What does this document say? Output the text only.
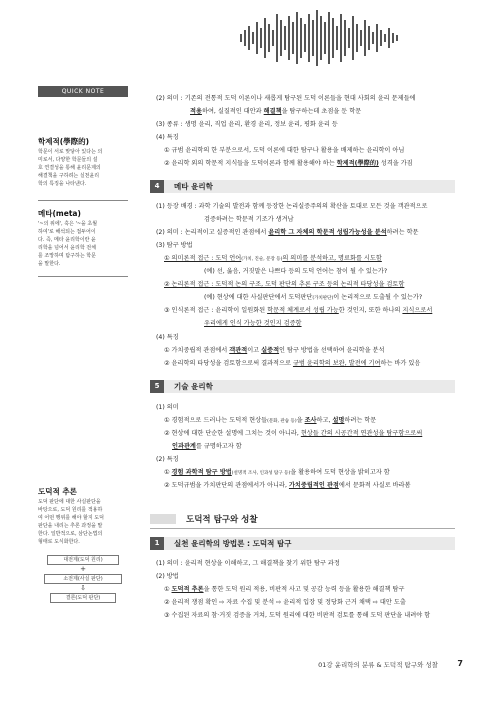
QUICK NOTE
학제적(學際的)
학문이 서로 맞닿아 있다는 의
미로서, 다양한 학문들의 설
호 연결성을 통해 윤리문제의
해결책을 구하려는 실천윤리
학의 특징을 나타낸다.
메타(meta)
'~의 위에', 혹은 '~을 초월
하여'로 해석되는 접두어이
다. 즉, 메타 윤리학이란 윤
리학을 넘어서 윤리학 전체
를 조망하며 탐구하는 학문
을 말한다.
도덕적 추론
도덕 판단에 대한 사실판단을
바탕으로, 도덕 원리를 적용하
여 어떤 행위를 해야 할지 도덕
판단을 내리는 추론 과정을 말
한다. 일반적으로, 삼단논법의
형태로 도식화한다.
대전제(도덕 원리)
+
소전제(사실 판단)
⇩
결론(도덕 판단)
(2) 의미 : 기존의 전통적 도덕 이론이나 새롭게 탐구된 도덕 이론들을 현대 사회의 윤리 문제들에
적용하여, 실질적인 대안과 해결책을 탐구하는데 초점을 둔 학문
(3) 종류 : 생명 윤리, 직업 윤리, 환경 윤리, 정보 윤리, 평화 윤리 등
(4) 특징
① 규범 윤리학의 한 부분으로서, 도덕 이론에 대한 탐구나 활용을 배제하는 윤리학이 아님
② 윤리학 외의 학문적 지식들을 도덕이론과 함께 활용해야 하는 학제적(學際的) 성격을 가짐
4	메타 윤리학
(1) 등장 배경 : 과학 기술의 발전과 함께 등장한 논리실증주의의 확산을 토대로 모든 것을 객관적으로
검증하려는 학문적 기조가 생겨남
(2) 의미 : 논리적이고 실증적인 관점에서 윤리학 그 자체의 학문적 성립가능성을 분석하려는 학문
(3) 탐구 방법
① 의미론적 접근 : 도덕 언어(가치, 진술, 문장 등)의 의미를 분석하고, 명료화를 시도함
(예) 선, 옳음, 거짓말은 나쁘다 등의 도덕 언어는 참이 될 수 있는가?
② 논리론적 접근 : 도덕적 논의 구조, 도덕 판단의 추론 구조 등의 논리적 타당성을 검토함
(예) 현상에 대한 사실판단에서 도덕판단(가치판단)이 논리적으로 도출될 수 있는가?
③ 인식론적 접근 : 윤리학이 일원화된 학문적 체계로서 성립 가능한 것인지, 또한 하나의 지식으로서
우리에게 인식 가능한 것인지 검증함
(4) 특징
① 가치중립적 관점에서 객관적이고 실증적인 탐구 방법을 선택하여 윤리학을 분석
② 윤리학의 타당성을 검토함으로써 결과적으로 규범 윤리학의 보완, 발전에 기여하는 바가 있음
5	기술 윤리학
(1) 의미
① 경험적으로 드러나는 도덕적 현상들(문화, 관습 등)을 조사하고, 설명하려는 학문
② 현상에 대한 단순한 설명에 그치는 것이 아니라, 현상들 간의 시공간적 연관성을 탐구함으로써
인과관계를 규명하고자 함
(2) 특징
① 경험 과학적 탐구 방법(설명적 조사, 인과성 탐구 등)을 활용하여 도덕 현상을 밝히고자 함
② 도덕규범을 가치판단의 관점에서가 아니라, 가치중립적인 관점에서 문화적 사실로 바라봄
도덕적 탐구와 성찰
1	실천 윤리학의 방법론 : 도덕적 탐구
(1) 의미 : 윤리적 현상을 이해하고, 그 해결책을 찾기 위한 탐구 과정
(2) 방법
① 도덕적 추론을 통한 도덕 원리 적용, 비판적 사고 및 공감 능력 등을 활용한 해결책 탐구
② 윤리적 쟁점 확인 ⇨ 자료 수집 및 분석 ⇨ 윤리적 입장 및 정당화 근거 채택 ⇨ 대안 도출
③ 수집된 자료의 참·거짓 검증을 거쳐, 도덕 원리에 대한 비판적 검토를 통해 도덕 판단을 내려야 함
01강 윤리학의 분류 & 도덕적 탐구와 성찰 7
